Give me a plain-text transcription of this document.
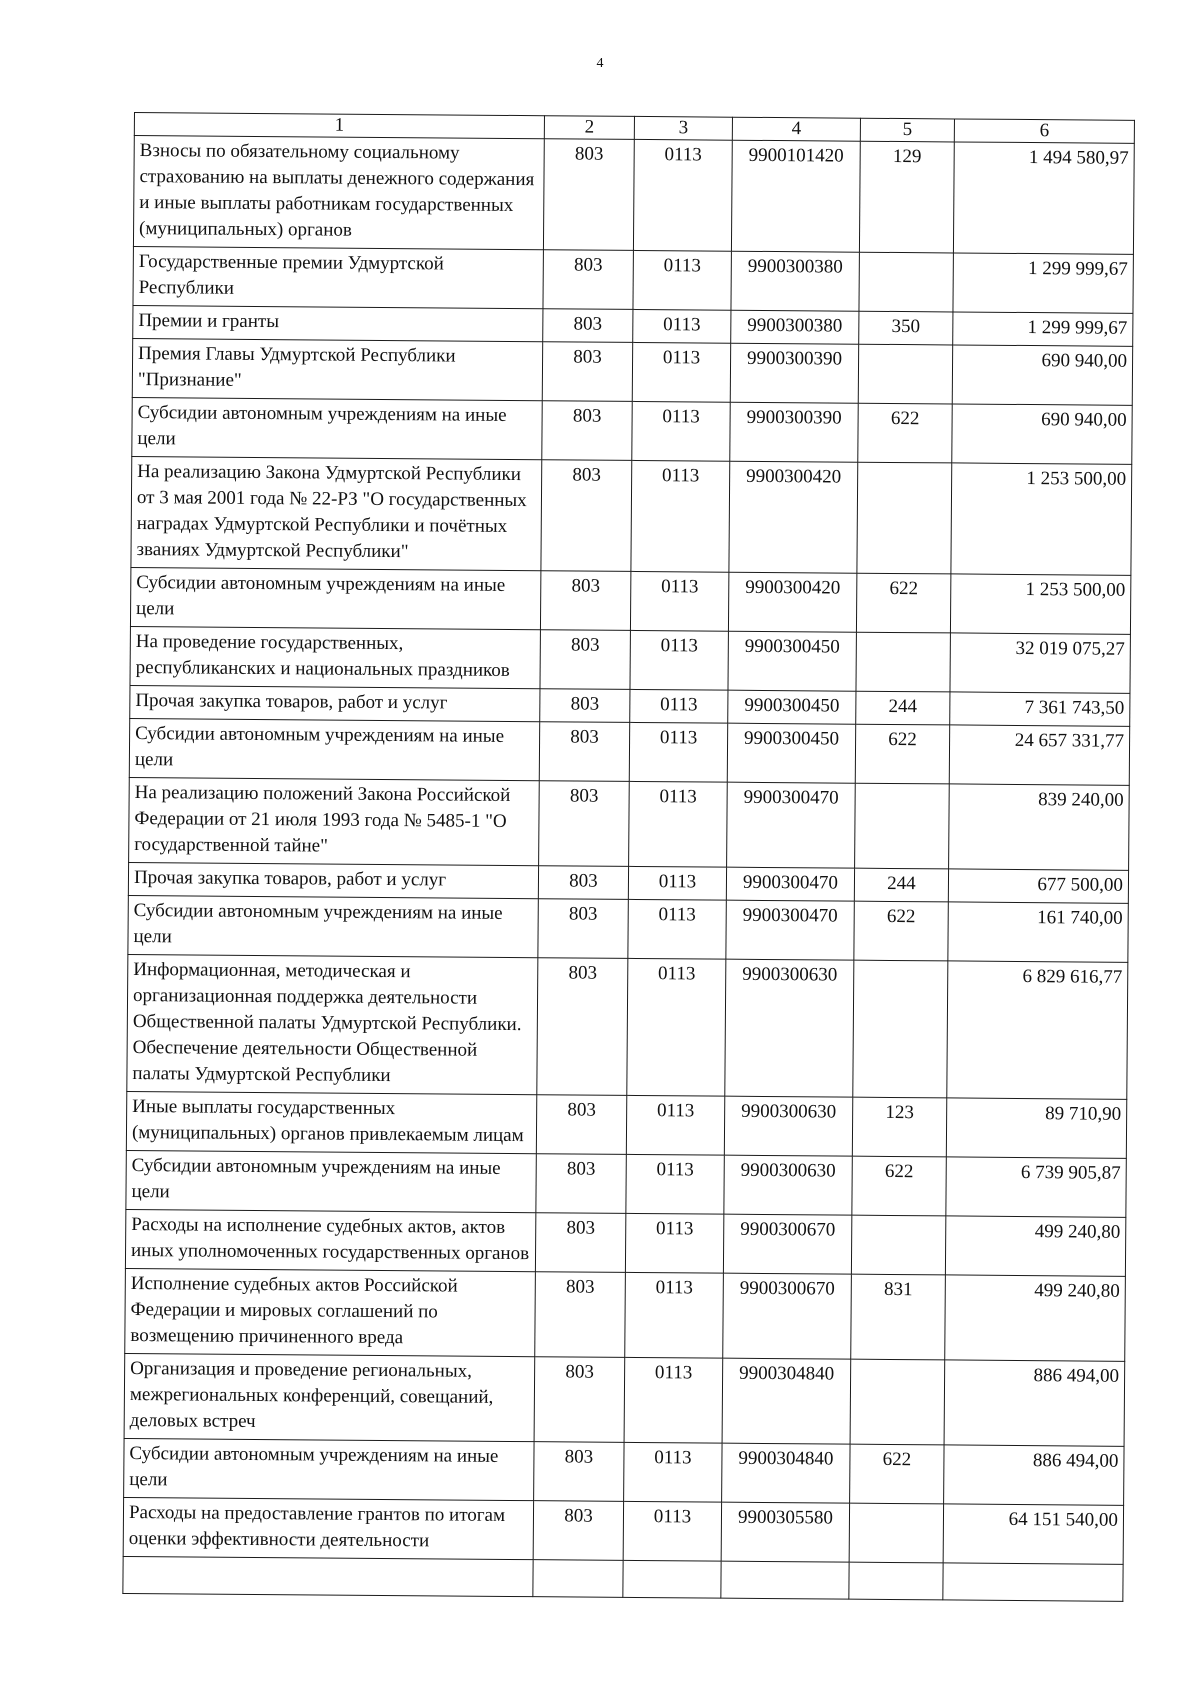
4
1	2	3	4	5	6
Взносы по обязательному социальному страхованию на выплаты денежного содержания и иные выплаты работникам государственных (муниципальных) органов	803	0113	9900101420	129	1 494 580,97
Государственные премии Удмуртской Республики	803	0113	9900300380		1 299 999,67
Премии и гранты	803	0113	9900300380	350	1 299 999,67
Премия Главы Удмуртской Республики "Признание"	803	0113	9900300390		690 940,00
Субсидии автономным учреждениям на иные цели	803	0113	9900300390	622	690 940,00
На реализацию Закона Удмуртской Республики от 3 мая 2001 года № 22-РЗ "О государственных наградах Удмуртской Республики и почётных званиях Удмуртской Республики"	803	0113	9900300420		1 253 500,00
Субсидии автономным учреждениям на иные цели	803	0113	9900300420	622	1 253 500,00
На проведение государственных, республиканских и национальных праздников	803	0113	9900300450		32 019 075,27
Прочая закупка товаров, работ и услуг	803	0113	9900300450	244	7 361 743,50
Субсидии автономным учреждениям на иные цели	803	0113	9900300450	622	24 657 331,77
На реализацию положений Закона Российской Федерации от 21 июля 1993 года № 5485-1 "О государственной тайне"	803	0113	9900300470		839 240,00
Прочая закупка товаров, работ и услуг	803	0113	9900300470	244	677 500,00
Субсидии автономным учреждениям на иные цели	803	0113	9900300470	622	161 740,00
Информационная, методическая и организационная поддержка деятельности Общественной палаты Удмуртской Республики. Обеспечение деятельности Общественной палаты Удмуртской Республики	803	0113	9900300630		6 829 616,77
Иные выплаты государственных (муниципальных) органов привлекаемым лицам	803	0113	9900300630	123	89 710,90
Субсидии автономным учреждениям на иные цели	803	0113	9900300630	622	6 739 905,87
Расходы на исполнение судебных актов, актов иных уполномоченных государственных органов	803	0113	9900300670		499 240,80
Исполнение судебных актов Российской Федерации и мировых соглашений по возмещению причиненного вреда	803	0113	9900300670	831	499 240,80
Организация и проведение региональных, межрегиональных конференций, совещаний, деловых встреч	803	0113	9900304840		886 494,00
Субсидии автономным учреждениям на иные цели	803	0113	9900304840	622	886 494,00
Расходы на предоставление грантов по итогам оценки эффективности деятельности	803	0113	9900305580		64 151 540,00
